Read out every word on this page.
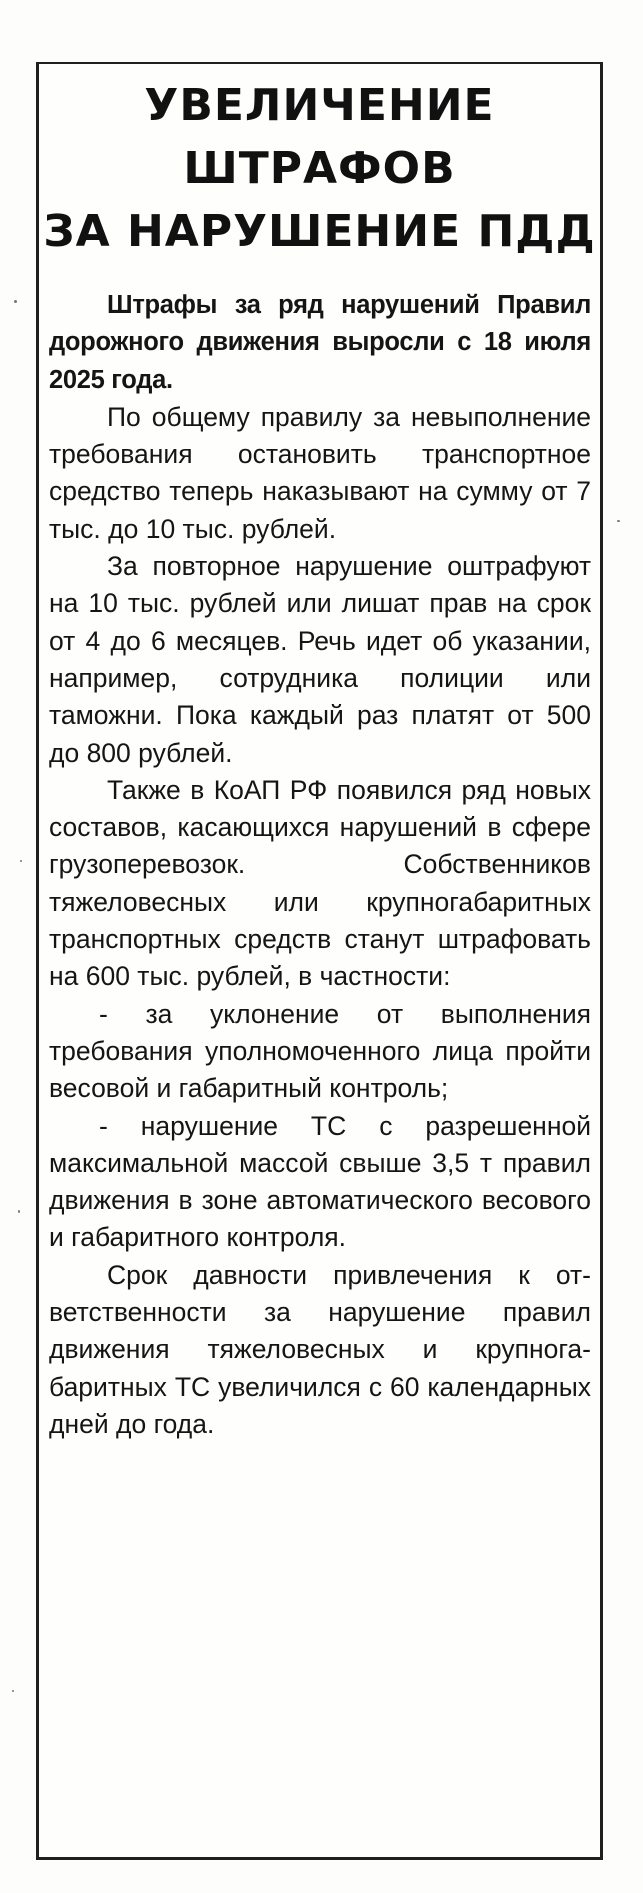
УВЕЛИЧЕНИЕ
ШТРАФОВ
ЗА НАРУШЕНИЕ ПДД

Штрафы за ряд нарушений Правил дорожного движения выросли с 18 июля 2025 года.

По общему правилу за невыполнение требования остановить транспортное средство теперь наказывают на сумму от 7 тыс. до 10 тыс. рублей.

За повторное нарушение оштрафуют на 10 тыс. рублей или лишат прав на срок от 4 до 6 месяцев. Речь идет об указании, например, сотрудника полиции или таможни. Пока каждый раз платят от 500 до 800 рублей.

Также в КоАП РФ появился ряд новых составов, касающихся нарушений в сфере грузоперевозок. Собственников тяжеловесных или крупногабаритных транспортных средств станут штрафовать на 600 тыс. рублей, в частности:

- за уклонение от выполнения требования уполномоченного лица пройти весовой и габаритный контроль;

- нарушение ТС с разрешенной максимальной массой свыше 3,5 т правил движения в зоне автоматического весового и габаритного контроля.

Срок давности привлечения к ответственности за нарушение правил движения тяжеловесных и крупногабаритных ТС увеличился с 60 календарных дней до года.
